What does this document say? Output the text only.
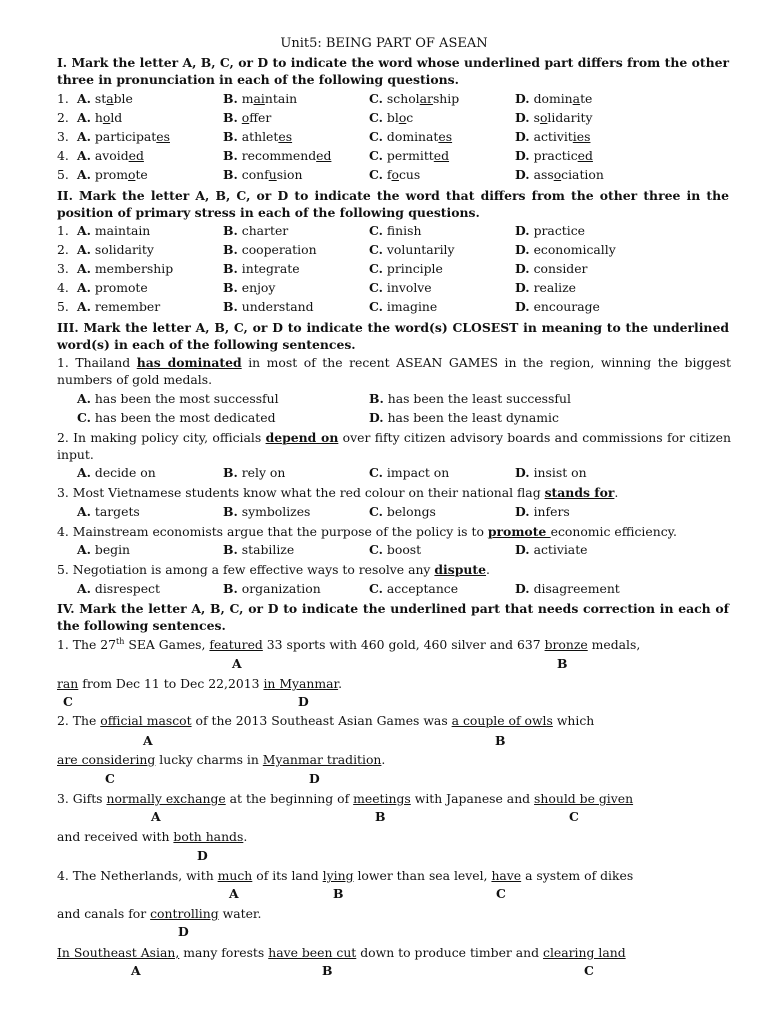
Unit5: BEING PART OF ASEAN
I. Mark the letter A, B, C, or D to indicate the word whose underlined part differs from the other three in pronunciation in each of the following questions.
1. A. stable	B. maintain	C. scholarship	D. dominate
2. A. hold	B. offer	C. bloc	D. solidarity
3. A. participates	B. athletes	C. dominates	D. activities
4. A. avoided	B. recommended	C. permitted	D. practiced
5. A. promote	B. confusion	C. focus	D. association
II. Mark the letter A, B, C, or D to indicate the word that differs from the other three in the position of primary stress in each of the following questions.
1. A. maintain	B. charter	C. finish	D. practice
2. A. solidarity	B. cooperation	C. voluntarily	D. economically
3. A. membership	B. integrate	C. principle	D. consider
4. A. promote	B. enjoy	C. involve	D. realize
5. A. remember	B. understand	C. imagine	D. encourage
III. Mark the letter A, B, C, or D to indicate the word(s) CLOSEST in meaning to the underlined word(s) in each of the following sentences.
1. Thailand has dominated in most of the recent ASEAN GAMES in the region, winning the biggest numbers of gold medals.
A. has been the most successful	B. has been the least successful
C. has been the most dedicated	D. has been the least dynamic
2. In making policy city, officials depend on over fifty citizen advisory boards and commissions for citizen input.
A. decide on	B. rely on	C. impact on	D. insist on
3. Most Vietnamese students know what the red colour on their national flag stands for.
A. targets	B. symbolizes	C. belongs	D. infers
4. Mainstream economists argue that the purpose of the policy is to promote economic efficiency.
A. begin	B. stabilize	C. boost	D. activiate
5. Negotiation is among a few effective ways to resolve any dispute.
A. disrespect	B. organization	C. acceptance	D. disagreement
IV. Mark the letter A, B, C, or D to indicate the underlined part that needs correction in each of the following sentences.
1. The 27th SEA Games, featured 33 sports with 460 gold, 460 silver and 637 bronze medals,
A	B
ran from Dec 11 to Dec 22,2013 in Myanmar.
C	D
2. The official mascot of the 2013 Southeast Asian Games was a couple of owls which
A	B
are considering lucky charms in Myanmar tradition.
C	D
3. Gifts normally exchange at the beginning of meetings with Japanese and should be given
A	B	C
and received with both hands.
D
4. The Netherlands, with much of its land lying lower than sea level, have a system of dikes
A	B	C
and canals for controlling water.
D
In Southeast Asian, many forests have been cut down to produce timber and clearing land
A	B	C
